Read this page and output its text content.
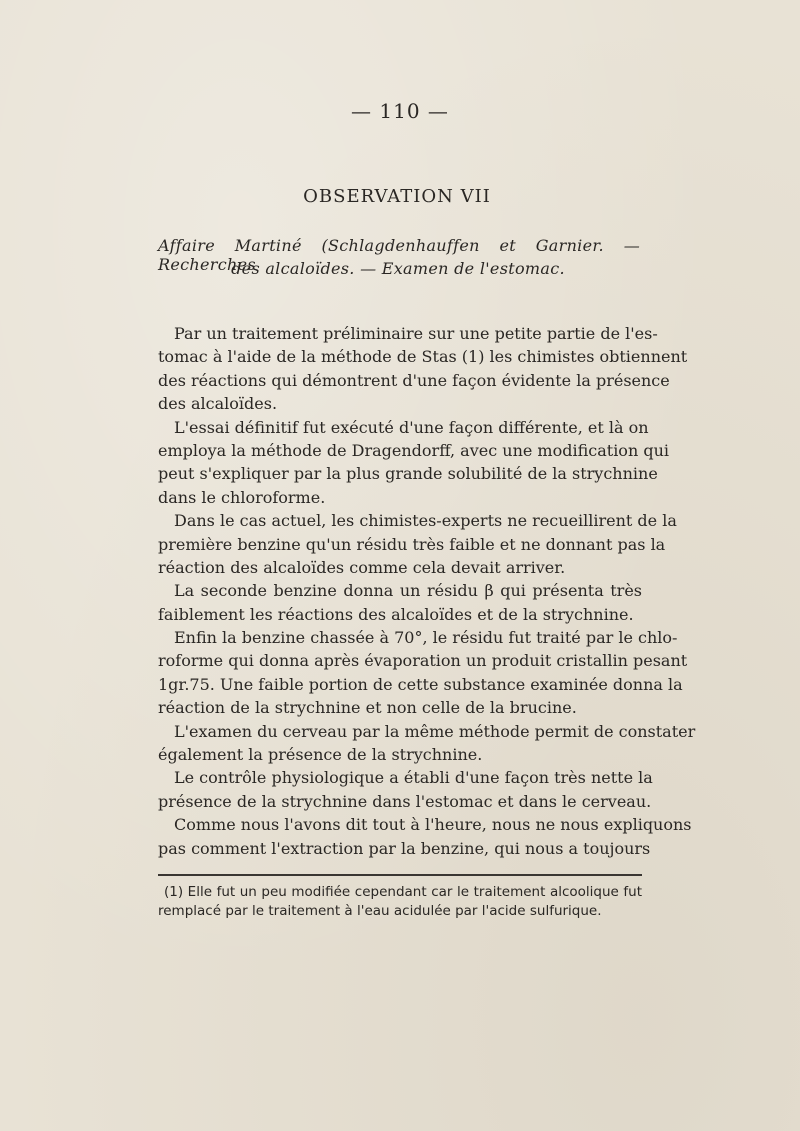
— 110 —
OBSERVATION VII
Affaire Martiné (Schlagdenhauffen et Garnier. — Recherches
des alcaloïdes. — Examen de l'estomac.
Par un traitement préliminaire sur une petite partie de l'es-
tomac à l'aide de la méthode de Stas (1) les chimistes obtiennent
des réactions qui démontrent d'une façon évidente la présence
des alcaloïdes.
L'essai définitif fut exécuté d'une façon différente, et là on
employa la méthode de Dragendorff, avec une modification qui
peut s'expliquer par la plus grande solubilité de la strychnine
dans le chloroforme.
Dans le cas actuel, les chimistes-experts ne recueillirent de la
première benzine qu'un résidu très faible et ne donnant pas la
réaction des alcaloïdes comme cela devait arriver.
La seconde benzine donna un résidu β qui présenta très
faiblement les réactions des alcaloïdes et de la strychnine.
Enfin la benzine chassée à 70°, le résidu fut traité par le chlo-
roforme qui donna après évaporation un produit cristallin pesant
1gr.75. Une faible portion de cette substance examinée donna la
réaction de la strychnine et non celle de la brucine.
L'examen du cerveau par la même méthode permit de constater
également la présence de la strychnine.
Le contrôle physiologique a établi d'une façon très nette la
présence de la strychnine dans l'estomac et dans le cerveau.
Comme nous l'avons dit tout à l'heure, nous ne nous expliquons
pas comment l'extraction par la benzine, qui nous a toujours
(1) Elle fut un peu modifiée cependant car le traitement alcoolique fut
remplacé par le traitement à l'eau acidulée par l'acide sulfurique.
